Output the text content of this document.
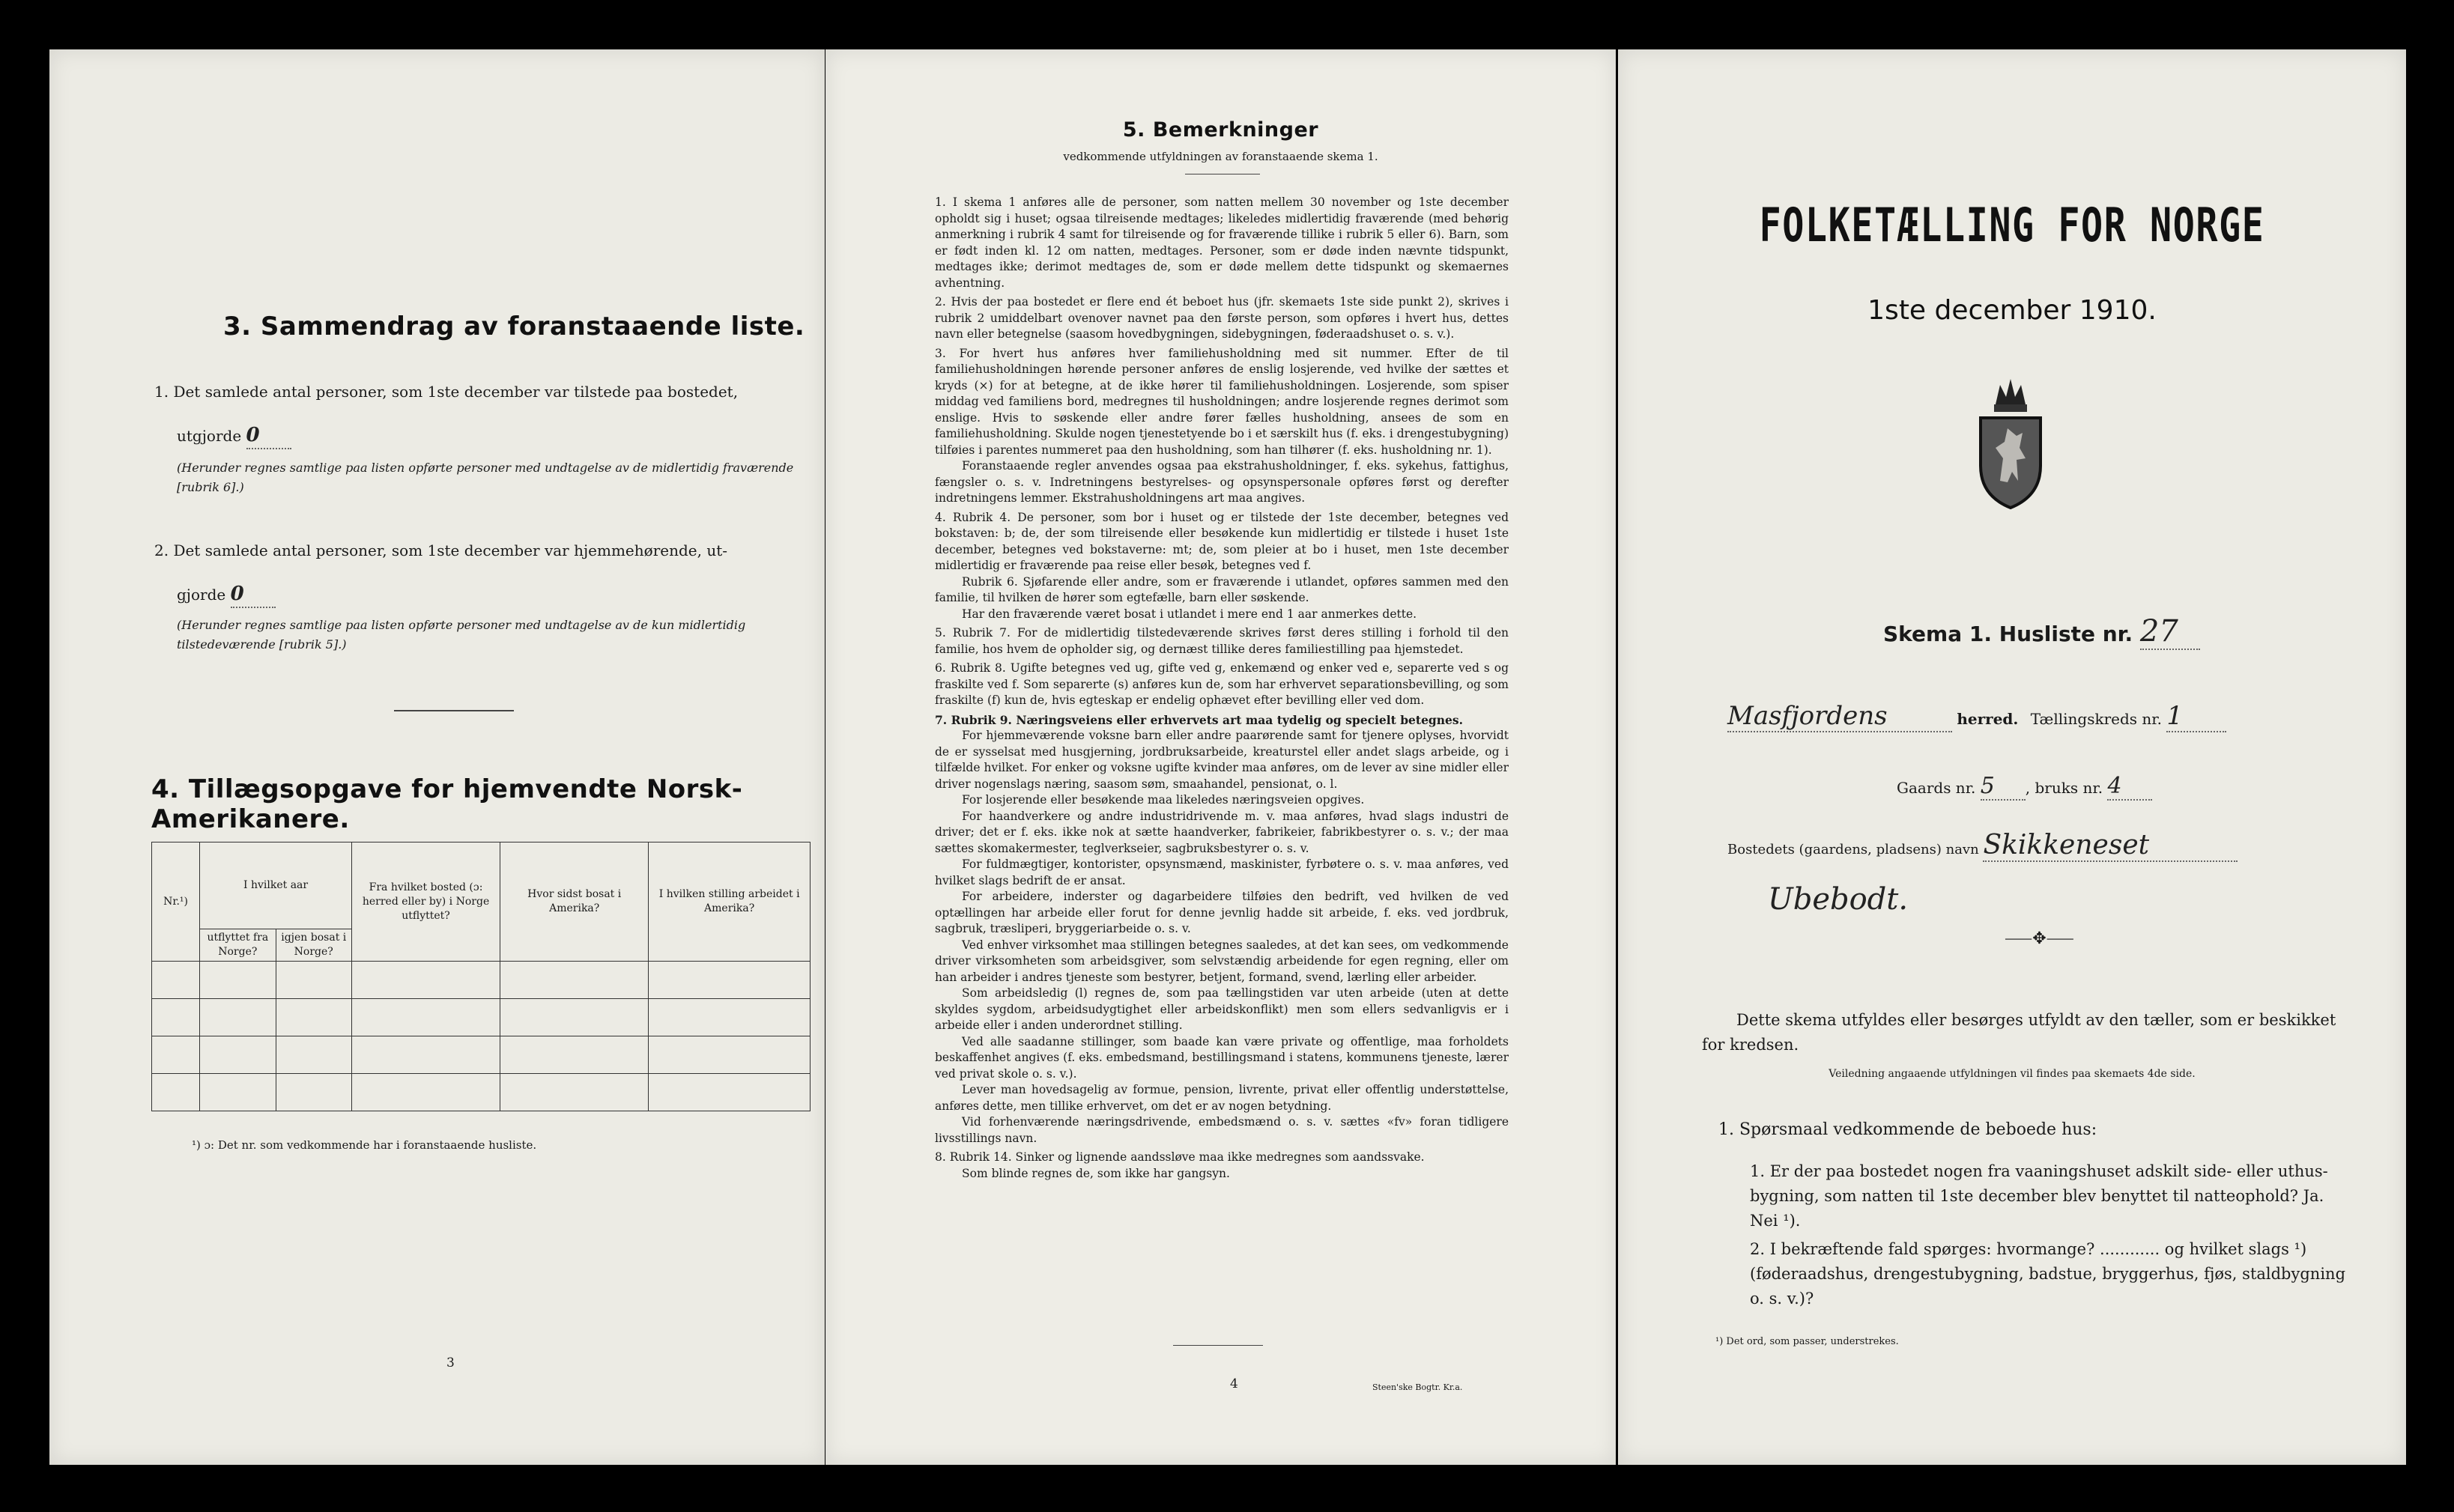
3. Sammendrag av foranstaaende liste.
1. Det samlede antal personer, som 1ste december var tilstede paa bostedet,
utgjorde 0
(Herunder regnes samtlige paa listen opførte personer med undtagelse av de midlertidig fraværende [rubrik 6].)
2. Det samlede antal personer, som 1ste december var hjemmehørende, ut-
gjorde 0
(Herunder regnes samtlige paa listen opførte personer med undtagelse av de kun midlertidig tilstedeværende [rubrik 5].)
4. Tillægsopgave for hjemvendte Norsk-Amerikanere.
Nr.¹)	I hvilket aar		Fra hvilket bosted (ɔ: herred eller by) i Norge utflyttet?	Hvor sidst bosat i Amerika?	I hvilken stilling arbeidet i Amerika?
	utflyttet fra Norge?	igjen bosat i Norge?			

¹) ɔ: Det nr. som vedkommende har i foranstaaende husliste.
3
5. Bemerkninger
vedkommende utfyldningen av foranstaaende skema 1.

1. I skema 1 anføres alle de personer, som natten mellem 30 november og 1ste december opholdt sig i huset; ogsaa tilreisende medtages; likeledes midlertidig fraværende (med behørig anmerkning i rubrik 4 samt for tilreisende og for fraværende tillike i rubrik 5 eller 6). Barn, som er født inden kl. 12 om natten, medtages. Personer, som er døde inden nævnte tidspunkt, medtages ikke; derimot medtages de, som er døde mellem dette tidspunkt og skemaernes avhentning.

2. Hvis der paa bostedet er flere end ét beboet hus (jfr. skemaets 1ste side punkt 2), skrives i rubrik 2 umiddelbart ovenover navnet paa den første person, som opføres i hvert hus, dettes navn eller betegnelse (saasom hovedbygningen, sidebygningen, føderaadshuset o. s. v.).

3. For hvert hus anføres hver familiehusholdning med sit nummer. Efter de til familiehusholdningen hørende personer anføres de enslig losjerende, ved hvilke der sættes et kryds (×) for at betegne, at de ikke hører til familiehusholdningen. Losjerende, som spiser middag ved familiens bord, medregnes til husholdningen; andre losjerende regnes derimot som enslige. Hvis to søskende eller andre fører fælles husholdning, ansees de som en familiehusholdning. Skulde nogen tjenestetyende bo i et særskilt hus (f. eks. i drengestubygning) tilføies i parentes nummeret paa den husholdning, som han tilhører (f. eks. husholdning nr. 1).

Foranstaaende regler anvendes ogsaa paa ekstrahusholdninger, f. eks. sykehus, fattighus, fængsler o. s. v. Indretningens bestyrelses- og opsynspersonale opføres først og derefter indretningens lemmer. Ekstrahusholdningens art maa angives.

4. Rubrik 4. De personer, som bor i huset og er tilstede der 1ste december, betegnes ved bokstaven: b; de, der som tilreisende eller besøkende kun midlertidig er tilstede i huset 1ste december, betegnes ved bokstaverne: mt; de, som pleier at bo i huset, men 1ste december midlertidig er fraværende paa reise eller besøk, betegnes ved f.

Rubrik 6. Sjøfarende eller andre, som er fraværende i utlandet, opføres sammen med den familie, til hvilken de hører som egtefælle, barn eller søskende.

Har den fraværende været bosat i utlandet i mere end 1 aar anmerkes dette.

5. Rubrik 7. For de midlertidig tilstedeværende skrives først deres stilling i forhold til den familie, hos hvem de opholder sig, og dernæst tillike deres familiestilling paa hjemstedet.

6. Rubrik 8. Ugifte betegnes ved ug, gifte ved g, enkemænd og enker ved e, separerte ved s og fraskilte ved f. Som separerte (s) anføres kun de, som har erhvervet separationsbevilling, og som fraskilte (f) kun de, hvis egteskap er endelig ophævet efter bevilling eller ved dom.

7. Rubrik 9. Næringsveiens eller erhvervets art maa tydelig og specielt betegnes.

For hjemmeværende voksne barn eller andre paarørende samt for tjenere oplyses, hvorvidt de er sysselsat med husgjerning, jordbruksarbeide, kreaturstel eller andet slags arbeide, og i tilfælde hvilket. For enker og voksne ugifte kvinder maa anføres, om de lever av sine midler eller driver nogenslags næring, saasom søm, smaahandel, pensionat, o. l.

For losjerende eller besøkende maa likeledes næringsveien opgives.

For haandverkere og andre industridrivende m. v. maa anføres, hvad slags industri de driver; det er f. eks. ikke nok at sætte haandverker, fabrikeier, fabrikbestyrer o. s. v.; der maa sættes skomakermester, teglverkseier, sagbruksbestyrer o. s. v.

For fuldmægtiger, kontorister, opsynsmænd, maskinister, fyrbøtere o. s. v. maa anføres, ved hvilket slags bedrift de er ansat.

For arbeidere, inderster og dagarbeidere tilføies den bedrift, ved hvilken de ved optællingen har arbeide eller forut for denne jevnlig hadde sit arbeide, f. eks. ved jordbruk, sagbruk, træsliperi, bryggeriarbeide o. s. v.

Ved enhver virksomhet maa stillingen betegnes saaledes, at det kan sees, om vedkommende driver virksomheten som arbeidsgiver, som selvstændig arbeidende for egen regning, eller om han arbeider i andres tjeneste som bestyrer, betjent, formand, svend, lærling eller arbeider.

Som arbeidsledig (l) regnes de, som paa tællingstiden var uten arbeide (uten at dette skyldes sygdom, arbeidsudygtighet eller arbeidskonflikt) men som ellers sedvanligvis er i arbeide eller i anden underordnet stilling.

Ved alle saadanne stillinger, som baade kan være private og offentlige, maa forholdets beskaffenhet angives (f. eks. embedsmand, bestillingsmand i statens, kommunens tjeneste, lærer ved privat skole o. s. v.).

Lever man hovedsagelig av formue, pension, livrente, privat eller offentlig understøttelse, anføres dette, men tillike erhvervet, om det er av nogen betydning.

Vid forhenværende næringsdrivende, embedsmænd o. s. v. sættes «fv» foran tidligere livsstillings navn.

8. Rubrik 14. Sinker og lignende aandssløve maa ikke medregnes som aandssvake.

Som blinde regnes de, som ikke har gangsyn.

4	Steen'ske Bogtr. Kr.a.
FOLKETÆLLING FOR NORGE
1ste december 1910.
Skema 1. Husliste nr. 27
Masfjordens	herred. Tællingskreds nr. 1
Gaards nr. 5 , bruks nr. 4
Bostedets (gaardens, pladsens) navn Skikkeneset
Ubebodt.
⸺✥⸺
Dette skema utfyldes eller besørges utfyldt av den tæller, som er beskikket for kredsen.
Veiledning angaaende utfyldningen vil findes paa skemaets 4de side.
1. Spørsmaal vedkommende de beboede hus:
1. Er der paa bostedet nogen fra vaaningshuset adskilt side- eller uthus-bygning, som natten til 1ste december blev benyttet til natteophold? Ja. Nei ¹).
2. I bekræftende fald spørges: hvormange? ............ og hvilket slags ¹) (føderaadshus, drengestubygning, badstue, bryggerhus, fjøs, staldbygning o. s. v.)?
¹) Det ord, som passer, understrekes.
